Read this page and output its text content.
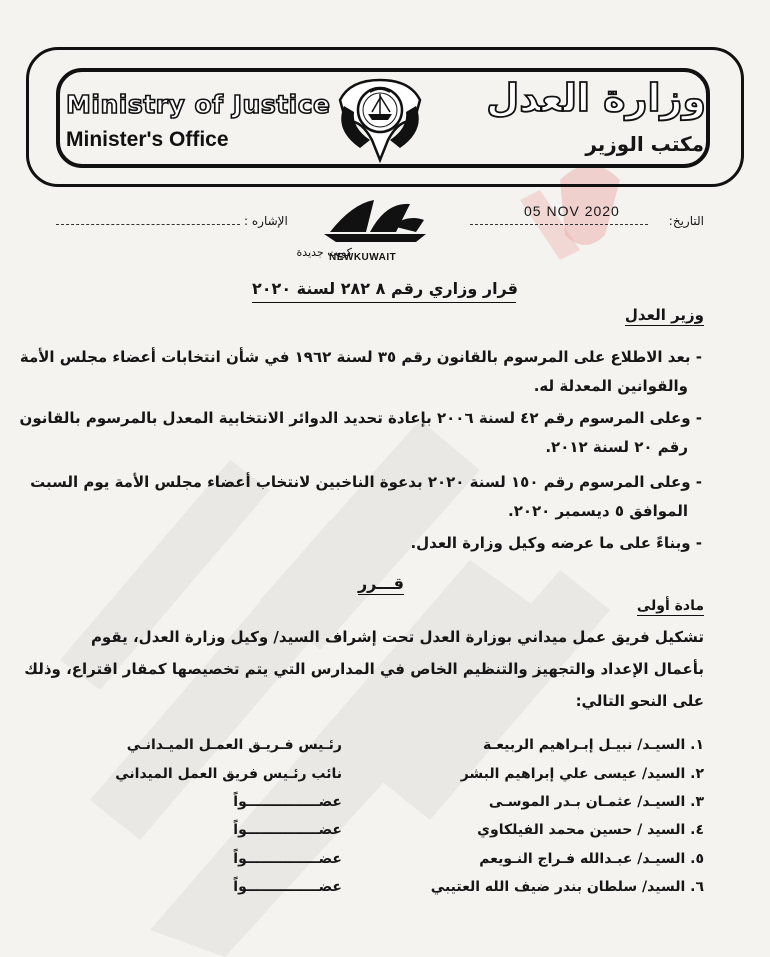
Ministry of Justice
Minister's Office
وزارة العدل
مكتب الوزير
الإشاره :
05 NOV 2020
التاريخ:
كويت جديدة
NEWKUWAIT
قرار وزاري رقم ٨ ٢٨٢ لسنة ٢٠٢٠
وزير العدل
- بعد الاطلاع على المرسوم بالقانون رقم ٣٥ لسنة ١٩٦٢ في شأن انتخابات أعضاء مجلس الأمة
والقوانين المعدلة له.
- وعلى المرسوم رقم ٤٢ لسنة ٢٠٠٦ بإعادة تحديد الدوائر الانتخابية المعدل بالمرسوم بالقانون
رقم ٢٠ لسنة ٢٠١٢.
- وعلى المرسوم رقم ١٥٠ لسنة ٢٠٢٠ بدعوة الناخبين لانتخاب أعضاء مجلس الأمة يوم السبت
الموافق ٥ ديسمبر ٢٠٢٠.
- وبناءً على ما عرضه وكيل وزارة العدل.
قـــرر
مادة أولى
تشكيل فريق عمل ميداني بوزارة العدل تحت إشراف السيد/ وكيل وزارة العدل، يقوم
بأعمال الإعداد والتجهيز والتنظيم الخاص في المدارس التي يتم تخصيصها كمقار اقتراع، وذلك
على النحو التالي:
١. السيـد/ نبيـل إبـراهيم الربيعـة
رئـيس فـريـق العمـل الميـدانـي
٢. السيد/ عيسى علي إبراهيم البشر
نائب رئـيس فريق العمل الميداني
٣. السيـد/ عثمـان بـدر الموسـى
عضـــــــــــــــواً
٤. السيد / حسين محمد الفيلكاوي
عضـــــــــــــــواً
٥. السيـد/ عبـدالله فـراج النـويعم
عضـــــــــــــــواً
٦. السيد/ سلطان بندر ضيف الله العتيبي
عضـــــــــــــــواً
